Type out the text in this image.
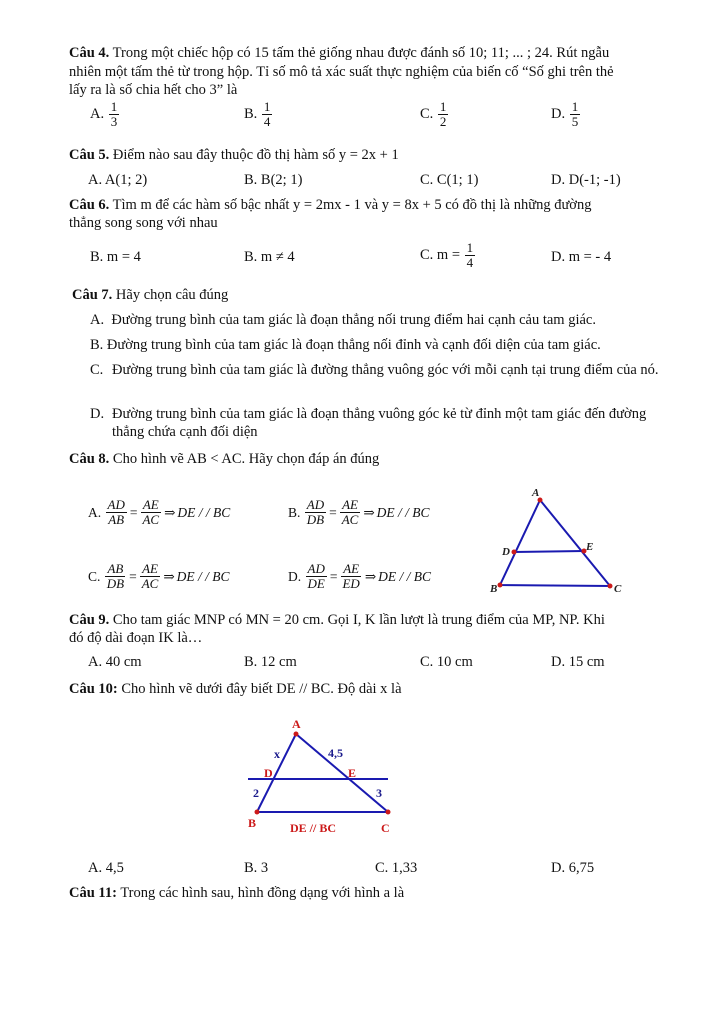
Câu 4. Trong một chiếc hộp có 15 tấm thẻ giống nhau được đánh số 10; 11; ... ; 24. Rút ngẫu
nhiên một tấm thẻ từ trong hộp. Tỉ số mô tả xác suất thực nghiệm của biến cố “Số ghi trên thẻ
lấy ra là số chia hết cho 3” là
A.
$\frac{1}{3}$	B.
$\frac{1}{4}$	C.
$\frac{1}{2}$	D.
$\frac{1}{5}$
Câu 5. Điểm nào sau đây thuộc đồ thị hàm số y = 2x + 1
A. A(1; 2)	B. B(2; 1)	C. C(1; 1)	D. D(-1; -1)
Câu 6. Tìm m để các hàm số bậc nhất y = 2mx - 1 và y = 8x + 5 có đồ thị là những đường
thẳng song song với nhau
B. m = 4	B. m ≠ 4	C. m =
$\frac{1}{4}$	D. m = - 4
Câu 7. Hãy chọn câu đúng
A. Đường trung bình của tam giác là đoạn thẳng nối trung điểm hai cạnh cảu tam giác.
B. Đường trung bình của tam giác là đoạn thẳng nối đỉnh và cạnh đối diện của tam giác.
C. Đường trung bình của tam giác là đường thẳng vuông góc với mỗi cạnh tại trung điểm của nó.
D. Đường trung bình của tam giác là đoạn thẳng vuông góc kẻ từ đỉnh một tam giác đến đường thẳng chứa cạnh đối diện
Câu 8. Cho hình vẽ AB < AC. Hãy chọn đáp án đúng
A.
$\frac{AD}{AB} = \frac{AE}{AC}$ ⇒ DE / / BC	B.
$\frac{AD}{DB} = \frac{AE}{AC}$ ⇒ DE / / BC
C.
$\frac{AB}{DB} = \frac{AE}{AC}$ ⇒ DE / / BC	D.
$\frac{AD}{DE} = \frac{AE}{ED}$ ⇒ DE / / BC
A
D	E
B	C
Câu 9. Cho tam giác MNP có MN = 20 cm. Gọi I, K lần lượt là trung điểm của MP, NP. Khi
đó độ dài đoạn IK là…
A. 40 cm	B. 12 cm	C. 10 cm	D. 15 cm
Câu 10: Cho hình vẽ dưới đây biết DE // BC. Độ dài x là
A
D	E
B	C
x	4,5
2	3
DE // BC
A. 4,5	B. 3	C. 1,33	D. 6,75
Câu 11: Trong các hình sau, hình đồng dạng với hình a là
